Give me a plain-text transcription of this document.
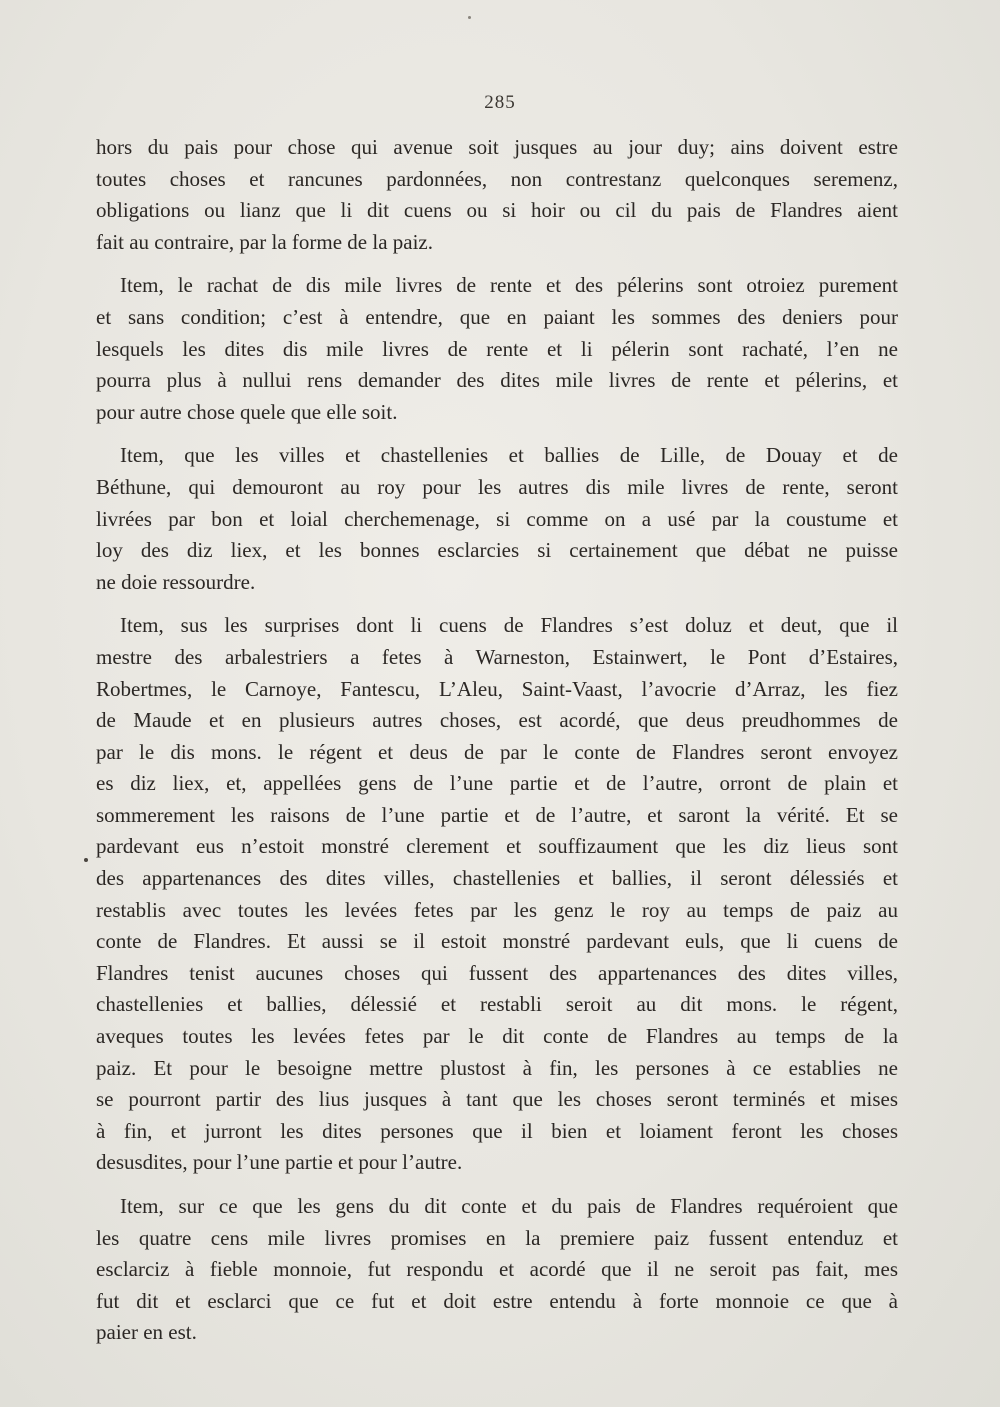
285
hors du pais pour chose qui avenue soit jusques au jour duy; ains doivent estre
toutes choses et rancunes pardonnées, non contrestanz quelconques seremenz,
obligations ou lianz que li dit cuens ou si hoir ou cil du pais de Flandres aient
fait au contraire, par la forme de la paiz.
Item, le rachat de dis mile livres de rente et des pélerins sont otroiez purement
et sans condition; c’est à entendre, que en paiant les sommes des deniers pour
lesquels les dites dis mile livres de rente et li pélerin sont rachaté, l’en ne
pourra plus à nullui rens demander des dites mile livres de rente et pélerins, et
pour autre chose quele que elle soit.
Item, que les villes et chastellenies et ballies de Lille, de Douay et de
Béthune, qui demouront au roy pour les autres dis mile livres de rente, seront
livrées par bon et loial cherchemenage, si comme on a usé par la coustume et
loy des diz liex, et les bonnes esclarcies si certainement que débat ne puisse
ne doie ressourdre.
Item, sus les surprises dont li cuens de Flandres s’est doluz et deut, que il
mestre des arbalestriers a fetes à Warneston, Estainwert, le Pont d’Estaires,
Robertmes, le Carnoye, Fantescu, L’Aleu, Saint-Vaast, l’avocrie d’Arraz, les fiez
de Maude et en plusieurs autres choses, est acordé, que deus preudhommes de
par le dis mons. le régent et deus de par le conte de Flandres seront envoyez
es diz liex, et, appellées gens de l’une partie et de l’autre, orront de plain et
sommerement les raisons de l’une partie et de l’autre, et saront la vérité. Et se
pardevant eus n’estoit monstré clerement et souffizaument que les diz lieus sont
des appartenances des dites villes, chastellenies et ballies, il seront délessiés et
restablis avec toutes les levées fetes par les genz le roy au temps de paiz au
conte de Flandres. Et aussi se il estoit monstré pardevant euls, que li cuens de
Flandres tenist aucunes choses qui fussent des appartenances des dites villes,
chastellenies et ballies, délessié et restabli seroit au dit mons. le régent,
aveques toutes les levées fetes par le dit conte de Flandres au temps de la
paiz. Et pour le besoigne mettre plustost à fin, les persones à ce establies ne
se pourront partir des lius jusques à tant que les choses seront terminés et mises
à fin, et jurront les dites persones que il bien et loiament feront les choses
desusdites, pour l’une partie et pour l’autre.
Item, sur ce que les gens du dit conte et du pais de Flandres requéroient que
les quatre cens mile livres promises en la premiere paiz fussent entenduz et
esclarciz à fieble monnoie, fut respondu et acordé que il ne seroit pas fait, mes
fut dit et esclarci que ce fut et doit estre entendu à forte monnoie ce que à
paier en est.
